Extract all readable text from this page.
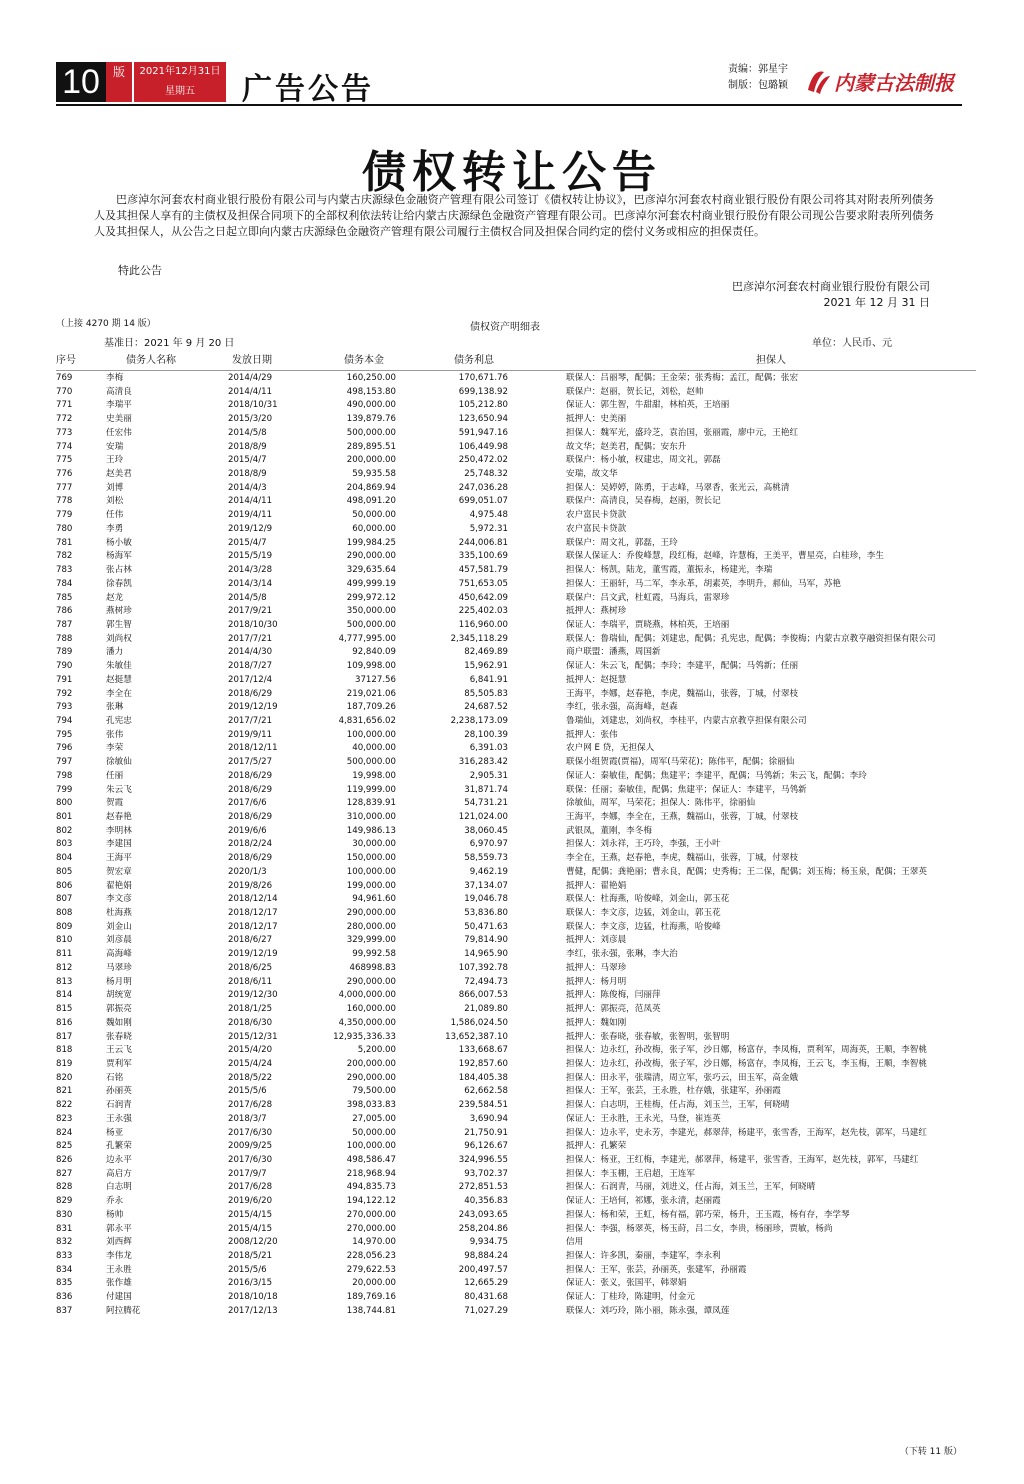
10	版	2021年12月31日
星期五	广告公告
责编：郭星宇
制版：包璐颖 内蒙古法制报
债权转让公告
巴彦淖尔河套农村商业银行股份有限公司与内蒙古庆源绿色金融资产管理有限公司签订《债权转让协议》，巴彦淖尔河套农村商业银行股份有限公司将其对附表所列债务人及其担保人享有的主债权及担保合同项下的全部权利依法转让给内蒙古庆源绿色金融资产管理有限公司。巴彦淖尔河套农村商业银行股份有限公司现公告要求附表所列债务人及其担保人，从公告之日起立即向内蒙古庆源绿色金融资产管理有限公司履行主债权合同及担保合同约定的偿付义务或相应的担保责任。
特此公告
巴彦淖尔河套农村商业银行股份有限公司
2021 年 12 月 31 日
（上接 4270 期 14 版）	债权资产明细表
基准日：2021 年 9 月 20 日	单位：人民币、元
序号	债务人名称	发放日期	债务本金	债务利息	担保人
769	李梅	2014/4/29	160,250.00	170,671.76	联保人：吕丽琴，配偶；王金荣；张秀梅；孟江，配偶；张宏
770	高清良	2014/4/11	498,153.80	699,138.92	联保户：赵丽，贺长记，刘松，赵帅
771	李瑞平	2018/10/31	490,000.00	105,212.80	保证人：郭生智，牛甜甜，林柏英，王培丽
772	史美丽	2015/3/20	139,879.76	123,650.94	抵押人：史美丽
773	任宏伟	2014/5/8	500,000.00	591,947.16	担保人：魏军光，盛玲芝，袁治国，张丽霞，廖中元，王艳红
774	安瑞	2018/8/9	289,895.51	106,449.98	故文华；赵美君，配偶；安东升
775	王玲	2015/4/7	200,000.00	250,472.02	联保户：杨小敏，权建忠，周文礼，郭磊
776	赵美君	2018/8/9	59,935.58	25,748.32	安瑞，故文华
777	刘博	2014/4/3	204,869.94	247,036.28	担保人：吴婷婷，陈勇，于志峰，马翠香，张光云，高桃清
778	刘松	2014/4/11	498,091.20	699,051.07	联保户：高清良，吴春梅，赵丽，贺长记
779	任伟	2019/4/11	50,000.00	4,975.48	农户富民卡贷款
780	李勇	2019/12/9	60,000.00	5,972.31	农户富民卡贷款
781	杨小敏	2015/4/7	199,984.25	244,006.81	联保户：周文礼，郭磊，王玲
782	杨海军	2015/5/19	290,000.00	335,100.69	联保人保证人：乔俊峰慧，段红梅，赵峰，许慧梅，王美平，曹星亮，白桂珍，李生
783	张占林	2014/3/28	329,635.64	457,581.79	担保人：杨凯，陆龙，董雪霞，董振永，杨建光，李瑞
784	徐春凯	2014/3/14	499,999.19	751,653.05	担保人：王丽轩，马二军，李永革，胡素英，李明升，郝仙，马军，苏艳
785	赵龙	2014/5/8	299,972.12	450,642.09	联保户：吕文武，杜虹霞，马海兵，雷翠珍
786	燕树珍	2017/9/21	350,000.00	225,402.03	抵押人：燕树珍
787	郭生智	2018/10/30	500,000.00	116,960.00	保证人：李瑞平，贾晓燕，林柏英，王培丽
788	刘尚权	2017/7/21	4,777,995.00	2,345,118.29	联保人：鲁瑞仙，配偶；刘建忠，配偶；孔宪忠，配偶；李俊梅；内蒙古京教亨融资担保有限公司
789	潘力	2014/4/30	92,840.09	82,469.89	商户联盟：潘燕，周国新
790	朱敏佳	2018/7/27	109,998.00	15,962.91	保证人：朱云飞，配偶；李玲；李建平，配偶；马鸰新；任丽
791	赵挺慧	2017/12/4	37127.56	6,841.91	抵押人：赵挺慧
792	李全在	2018/6/29	219,021.06	85,505.83	王海平，李娜，赵春艳，李虎，魏福山，张蓉，丁城，付翠枝
793	张琳	2019/12/19	187,709.26	24,687.52	李红，张永强，高海峰，赵森
794	孔宪忠	2017/7/21	4,831,656.02	2,238,173.09	鲁瑞仙，刘建忠，刘尚权，李桂平，内蒙古京教亨担保有限公司
795	张伟	2019/9/11	100,000.00	28,100.39	抵押人：张伟
796	李荣	2018/12/11	40,000.00	6,391.03	农户网 E 贷，无担保人
797	徐敏仙	2017/5/27	500,000.00	316,283.42	联保小组贺霞(贾福)，周军(马荣花)；陈伟平，配偶；徐丽仙
798	任丽	2018/6/29	19,998.00	2,905.31	保证人：秦敏佳，配偶；焦建平；李建平，配偶；马鸰新；朱云飞，配偶；李玲
799	朱云飞	2018/6/29	119,999.00	31,871.74	联保：任丽；秦敏佳，配偶；焦建平；保证人：李建平，马鸰新
800	贺霞	2017/6/6	128,839.91	54,731.21	徐敏仙，周军，马荣花；担保人：陈伟平，徐丽仙
801	赵春艳	2018/6/29	310,000.00	121,024.00	王海平，李娜，李全在，王燕，魏福山，张蓉，丁城，付翠枝
802	李明林	2019/6/6	149,986.13	38,060.45	武银凤，董刚，李冬梅
803	李建国	2018/2/24	30,000.00	6,970.97	担保人：刘永祥，王巧玲，李强，王小叶
804	王海平	2018/6/29	150,000.00	58,559.73	李全在，王燕，赵春艳，李虎，魏福山，张蓉，丁城，付翠枝
805	贺宏章	2020/1/3	100,000.00	9,462.19	曹健，配偶；龚艳丽；曹永良，配偶；史秀梅；王二保，配偶；刘玉梅；杨玉泉，配偶；王翠英
806	翟艳娟	2019/8/26	199,000.00	37,134.07	抵押人：翟艳娟
807	李文彦	2018/12/14	94,961.60	19,046.78	联保人：杜海燕，哈俊峰，刘金山，郭玉花
808	杜海燕	2018/12/17	290,000.00	53,836.80	联保人：李文彦，边猛，刘金山，郭玉花
809	刘金山	2018/12/17	280,000.00	50,471.63	联保人：李文彦，边猛，杜海燕，哈俊峰
810	刘彦晨	2018/6/27	329,999.00	79,814.90	抵押人：刘彦晨
811	高海峰	2019/12/19	99,992.58	14,965.90	李红，张永强，张琳，李大治
812	马翠珍	2018/6/25	468998.83	107,392.78	抵押人：马翠珍
813	杨月明	2018/6/11	290,000.00	72,494.73	抵押人：杨月明
814	胡统宽	2019/12/30	4,000,000.00	866,007.53	抵押人：陈俊梅，闫丽萍
815	郭振亮	2018/1/25	160,000.00	21,089.80	抵押人：郭振亮，范凤英
816	魏如刚	2018/6/30	4,350,000.00	1,586,024.50	抵押人：魏如刚
817	张春晓	2015/12/31	12,935,336.33	13,652,387.10	抵押人：张春晓，张春敏，张智明，张智明
818	王云飞	2015/4/20	5,200.00	133,668.67	担保人：边永红，孙改梅，张子军，沙日娜，杨富存，李凤梅，贾利军，周海英，王顺，李智桃
819	贾利军	2015/4/24	200,000.00	192,857.60	担保人：边永红，孙改梅，张子军，沙日娜，杨富存，李凤梅，王云飞，李玉梅，王顺，李智桃
820	石铭	2018/5/22	290,000.00	184,405.38	担保人：田永平，张瑞清，周立军，张巧云，田玉军，高金娥
821	孙丽英	2015/5/6	79,500.00	62,662.58	担保人：王军，张芸，王永胜，杜存娥，张建军，孙丽霞
822	石润青	2017/6/28	398,033.83	239,584.51	担保人：白志明，王桂梅，任占海，刘玉兰，王军，何晓晴
823	王永强	2018/3/7	27,005.00	3,690.94	保证人：王永胜，王永光，马登，崔连英
824	杨亚	2017/6/30	50,000.00	21,750.91	担保人：边永平，史永芳，李建光，郝翠萍，杨建平，张雪香，王海军，赵先枝，郭军，马建红
825	孔繁荣	2009/9/25	100,000.00	96,126.67	抵押人：孔繁荣
826	边永平	2017/6/30	498,586.47	324,996.55	担保人：杨亚，王红梅，李建光，郝翠萍，杨建平，张雪香，王海军，赵先枝，郭军，马建红
827	高启方	2017/9/7	218,968.94	93,702.37	担保人：李玉棚，王启超，王连军
828	白志明	2017/6/28	494,835.73	272,851.53	担保人：石润青，马丽，刘进义，任占海，刘玉兰，王军，何晓晴
829	乔永	2019/6/20	194,122.12	40,356.83	保证人：王培何，祁娜，张永清，赵丽霞
830	杨帅	2015/4/15	270,000.00	243,093.65	担保人：杨和荣，王虹，杨有福，郭巧荣，杨升，王玉霞，杨有存，李学琴
831	郭永平	2015/4/15	270,000.00	258,204.86	担保人：李强，杨翠英，杨玉莳，吕二女，李贵，杨丽珍，贾敏，杨尚
832	刘西辉	2008/12/20	14,970.00	9,934.75	信用
833	李伟龙	2018/5/21	228,056.23	98,884.24	担保人：许多凯，秦丽，李建军，李永利
834	王永胜	2015/5/6	279,622.53	200,497.57	担保人：王军，张芸，孙丽英，张建军，孙丽霞
835	张作雄	2016/3/15	20,000.00	12,665.29	保证人：张义，张国平，韩翠娟
836	付建国	2018/10/18	189,769.16	80,431.68	保证人：丁桂玲，陈建明，付金元
837	阿拉腾花	2017/12/13	138,744.81	71,027.29	联保人：刘巧玲，陈小丽，陈永强，谭凤莲
（下转 11 版）
